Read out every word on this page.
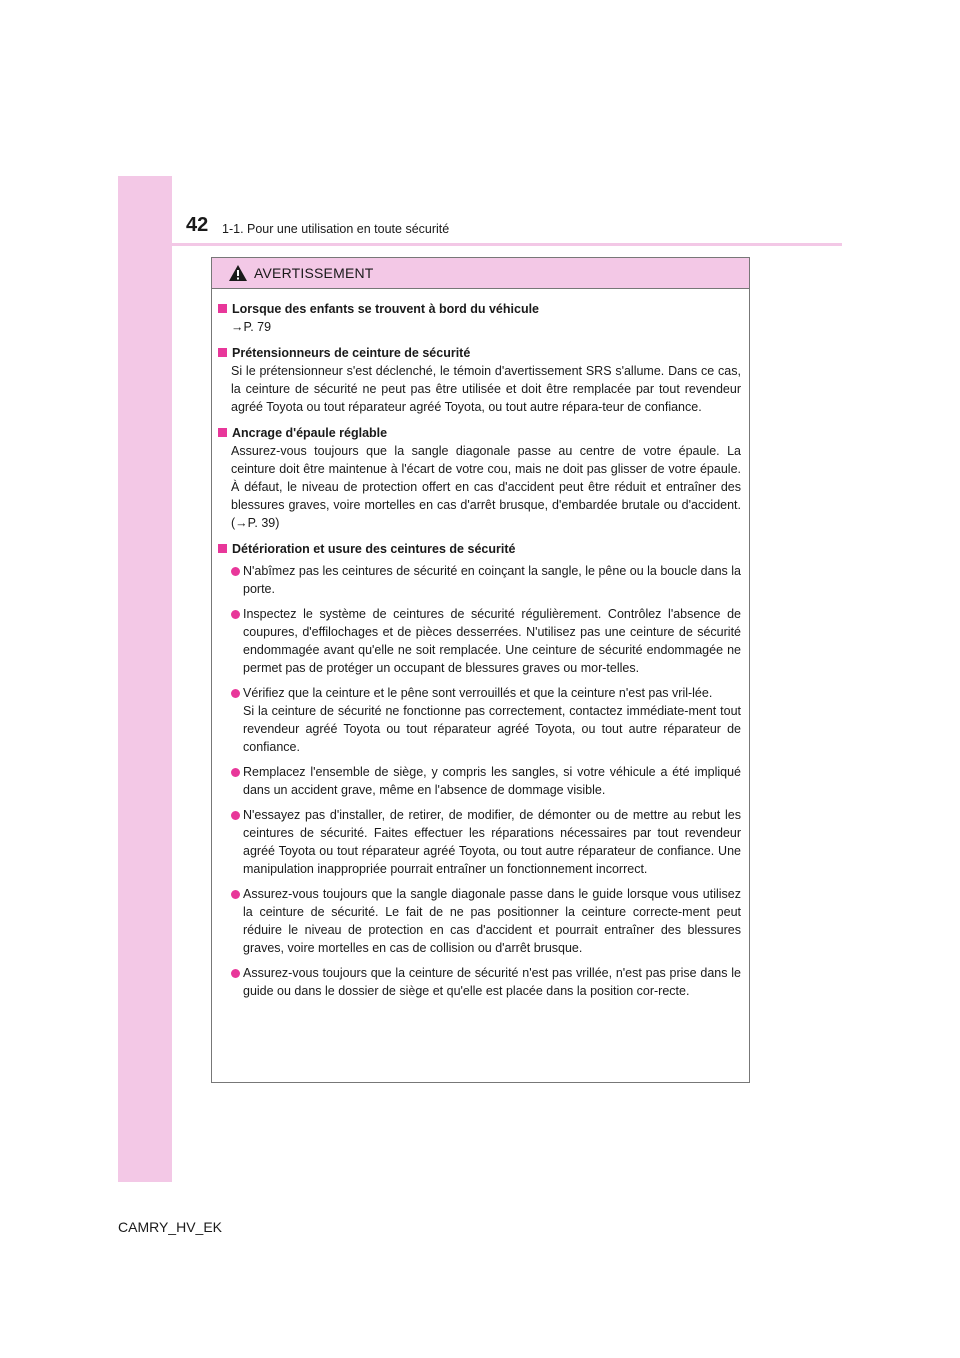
42 1-1. Pour une utilisation en toute sécurité
AVERTISSEMENT
Lorsque des enfants se trouvent à bord du véhicule
→P. 79
Prétensionneurs de ceinture de sécurité
Si le prétensionneur s'est déclenché, le témoin d'avertissement SRS s'allume. Dans ce cas, la ceinture de sécurité ne peut pas être utilisée et doit être remplacée par tout revendeur agréé Toyota ou tout réparateur agréé Toyota, ou tout autre répara-teur de confiance.
Ancrage d'épaule réglable
Assurez-vous toujours que la sangle diagonale passe au centre de votre épaule. La ceinture doit être maintenue à l'écart de votre cou, mais ne doit pas glisser de votre épaule. À défaut, le niveau de protection offert en cas d'accident peut être réduit et entraîner des blessures graves, voire mortelles en cas d'arrêt brusque, d'embardée brutale ou d'accident. (→P. 39)
Détérioration et usure des ceintures de sécurité
N'abîmez pas les ceintures de sécurité en coinçant la sangle, le pêne ou la boucle dans la porte.
Inspectez le système de ceintures de sécurité régulièrement. Contrôlez l'absence de coupures, d'effilochages et de pièces desserrées. N'utilisez pas une ceinture de sécurité endommagée avant qu'elle ne soit remplacée. Une ceinture de sécurité endommagée ne permet pas de protéger un occupant de blessures graves ou mor-telles.
Vérifiez que la ceinture et le pêne sont verrouillés et que la ceinture n'est pas vril-lée.
Si la ceinture de sécurité ne fonctionne pas correctement, contactez immédiate-ment tout revendeur agréé Toyota ou tout réparateur agréé Toyota, ou tout autre réparateur de confiance.
Remplacez l'ensemble de siège, y compris les sangles, si votre véhicule a été impliqué dans un accident grave, même en l'absence de dommage visible.
N'essayez pas d'installer, de retirer, de modifier, de démonter ou de mettre au rebut les ceintures de sécurité. Faites effectuer les réparations nécessaires par tout revendeur agréé Toyota ou tout réparateur agréé Toyota, ou tout autre réparateur de confiance. Une manipulation inappropriée pourrait entraîner un fonctionnement incorrect.
Assurez-vous toujours que la sangle diagonale passe dans le guide lorsque vous utilisez la ceinture de sécurité. Le fait de ne pas positionner la ceinture correcte-ment peut réduire le niveau de protection en cas d'accident et pourrait entraîner des blessures graves, voire mortelles en cas de collision ou d'arrêt brusque.
Assurez-vous toujours que la ceinture de sécurité n'est pas vrillée, n'est pas prise dans le guide ou dans le dossier de siège et qu'elle est placée dans la position cor-recte.
CAMRY_HV_EK
